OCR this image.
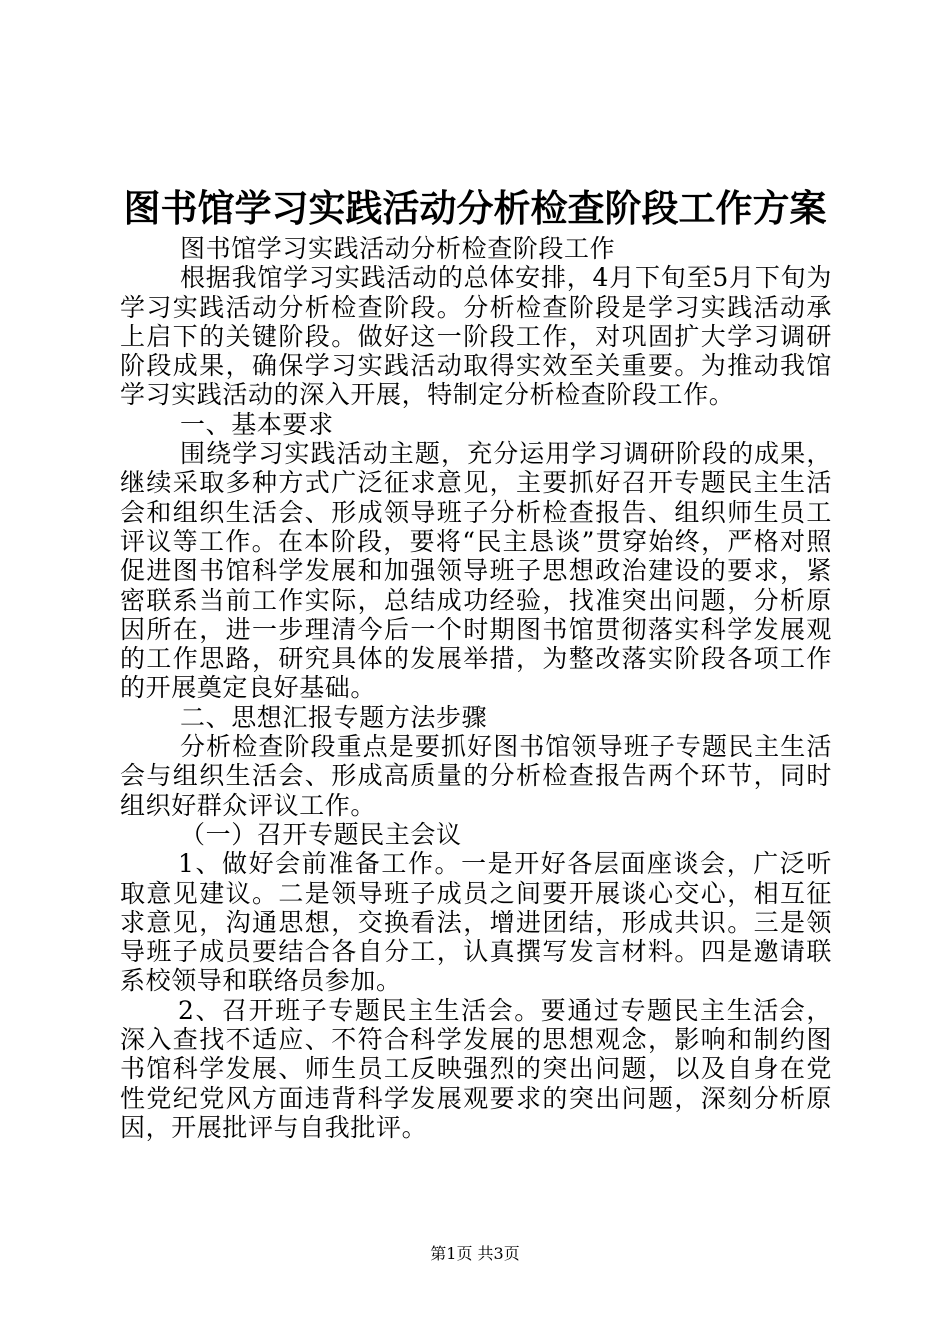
图书馆学习实践活动分析检查阶段工作方案

图书馆学习实践活动分析检查阶段工作

根据我馆学习实践活动的总体安排，4月下旬至5月下旬为学习实践活动分析检查阶段。分析检查阶段是学习实践活动承上启下的关键阶段。做好这一阶段工作，对巩固扩大学习调研阶段成果，确保学习实践活动取得实效至关重要。为推动我馆学习实践活动的深入开展，特制定分析检查阶段工作。

一、基本要求

围绕学习实践活动主题，充分运用学习调研阶段的成果，继续采取多种方式广泛征求意见，主要抓好召开专题民主生活会和组织生活会、形成领导班子分析检查报告、组织师生员工评议等工作。在本阶段，要将“民主恳谈”贯穿始终，严格对照促进图书馆科学发展和加强领导班子思想政治建设的要求，紧密联系当前工作实际，总结成功经验，找准突出问题，分析原因所在，进一步理清今后一个时期图书馆贯彻落实科学发展观的工作思路，研究具体的发展举措，为整改落实阶段各项工作的开展奠定良好基础。

二、思想汇报专题方法步骤

分析检查阶段重点是要抓好图书馆领导班子专题民主生活会与组织生活会、形成高质量的分析检查报告两个环节，同时组织好群众评议工作。

（一）召开专题民主会议

1、做好会前准备工作。一是开好各层面座谈会，广泛听取意见建议。二是领导班子成员之间要开展谈心交心，相互征求意见，沟通思想，交换看法，增进团结，形成共识。三是领导班子成员要结合各自分工，认真撰写发言材料。四是邀请联系校领导和联络员参加。

2、召开班子专题民主生活会。要通过专题民主生活会，深入查找不适应、不符合科学发展的思想观念，影响和制约图书馆科学发展、师生员工反映强烈的突出问题，以及自身在党性党纪党风方面违背科学发展观要求的突出问题，深刻分析原因，开展批评与自我批评。

第1页 共3页
